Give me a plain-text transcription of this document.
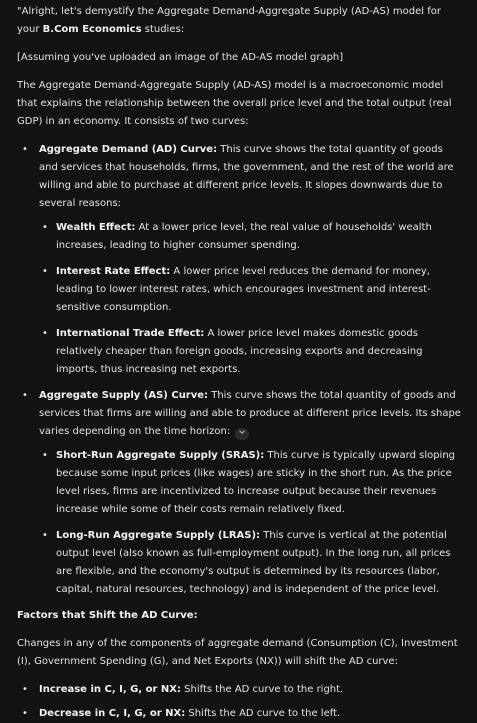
"Alright, let's demystify the Aggregate Demand-Aggregate Supply (AD-AS) model for your B.Com Economics studies:

[Assuming you've uploaded an image of the AD-AS model graph]

The Aggregate Demand-Aggregate Supply (AD-AS) model is a macroeconomic model that explains the relationship between the overall price level and the total output (real GDP) in an economy. It consists of two curves:

• Aggregate Demand (AD) Curve: This curve shows the total quantity of goods and services that households, firms, the government, and the rest of the world are willing and able to purchase at different price levels. It slopes downwards due to several reasons:
• Wealth Effect: At a lower price level, the real value of households' wealth increases, leading to higher consumer spending.
• Interest Rate Effect: A lower price level reduces the demand for money, leading to lower interest rates, which encourages investment and interest-sensitive consumption.
• International Trade Effect: A lower price level makes domestic goods relatively cheaper than foreign goods, increasing exports and decreasing imports, thus increasing net exports.
• Aggregate Supply (AS) Curve: This curve shows the total quantity of goods and services that firms are willing and able to produce at different price levels. Its shape varies depending on the time horizon:
• Short-Run Aggregate Supply (SRAS): This curve is typically upward sloping because some input prices (like wages) are sticky in the short run. As the price level rises, firms are incentivized to increase output because their revenues increase while some of their costs remain relatively fixed.
• Long-Run Aggregate Supply (LRAS): This curve is vertical at the potential output level (also known as full-employment output). In the long run, all prices are flexible, and the economy's output is determined by its resources (labor, capital, natural resources, technology) and is independent of the price level.

Factors that Shift the AD Curve:

Changes in any of the components of aggregate demand (Consumption (C), Investment (I), Government Spending (G), and Net Exports (NX)) will shift the AD curve:

• Increase in C, I, G, or NX: Shifts the AD curve to the right.
• Decrease in C, I, G, or NX: Shifts the AD curve to the left.
